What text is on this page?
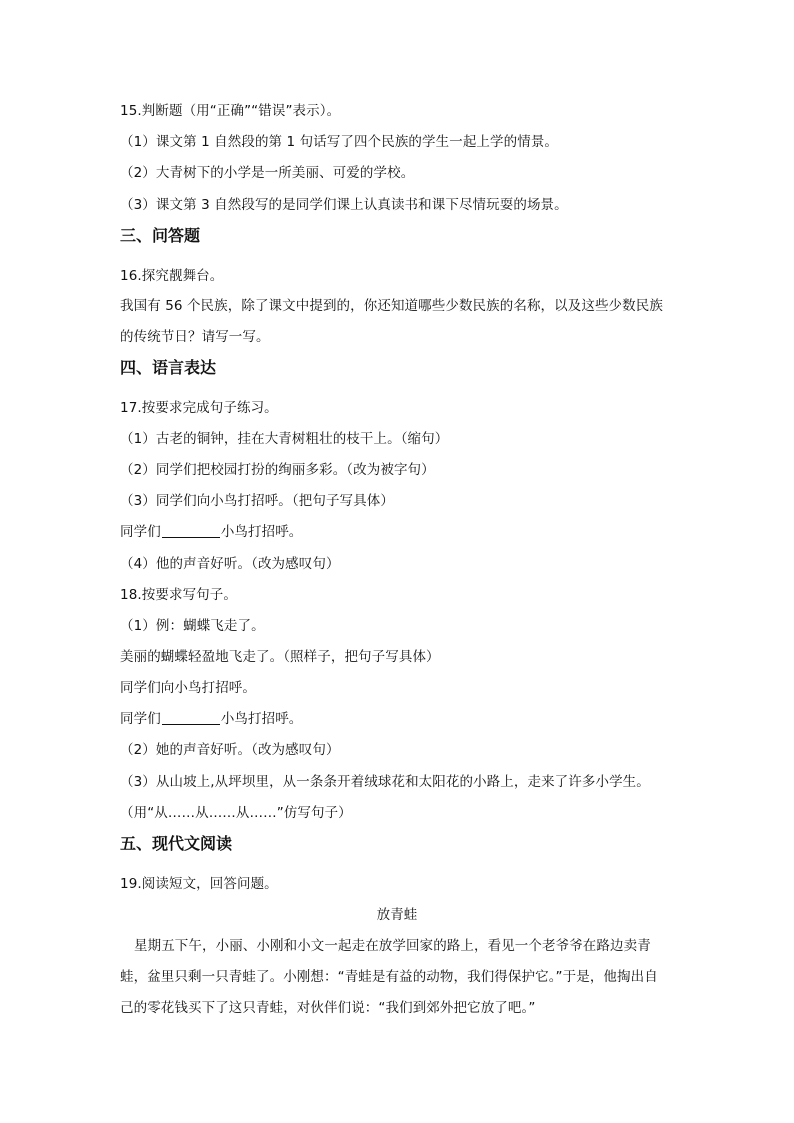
15.判断题（用“正确”“错误”表示）。
（1）课文第 1 自然段的第 1 句话写了四个民族的学生一起上学的情景。
（2）大青树下的小学是一所美丽、可爱的学校。
（3）课文第 3 自然段写的是同学们课上认真读书和课下尽情玩耍的场景。
三、问答题
16.探究靓舞台。
我国有 56 个民族，除了课文中提到的，你还知道哪些少数民族的名称，以及这些少数民族
的传统节日？请写一写。
四、语言表达
17.按要求完成句子练习。
（1）古老的铜钟，挂在大青树粗壮的枝干上。（缩句）
（2）同学们把校园打扮的绚丽多彩。（改为被字句）
（3）同学们向小鸟打招呼。（把句子写具体）
同学们	小鸟打招呼。
（4）他的声音好听。（改为感叹句）
18.按要求写句子。
（1）例：蝴蝶飞走了。
美丽的蝴蝶轻盈地飞走了。（照样子，把句子写具体）
同学们向小鸟打招呼。
同学们	小鸟打招呼。
（2）她的声音好听。（改为感叹句）
（3）从山坡上,从坪坝里，从一条条开着绒球花和太阳花的小路上，走来了许多小学生。
（用“从……从……从……”仿写句子）
五、现代文阅读
19.阅读短文，回答问题。
放青蛙
星期五下午，小丽、小刚和小文一起走在放学回家的路上，看见一个老爷爷在路边卖青
蛙，盆里只剩一只青蛙了。小刚想：“青蛙是有益的动物，我们得保护它。”于是，他掏出自
己的零花钱买下了这只青蛙，对伙伴们说：“我们到郊外把它放了吧。”
